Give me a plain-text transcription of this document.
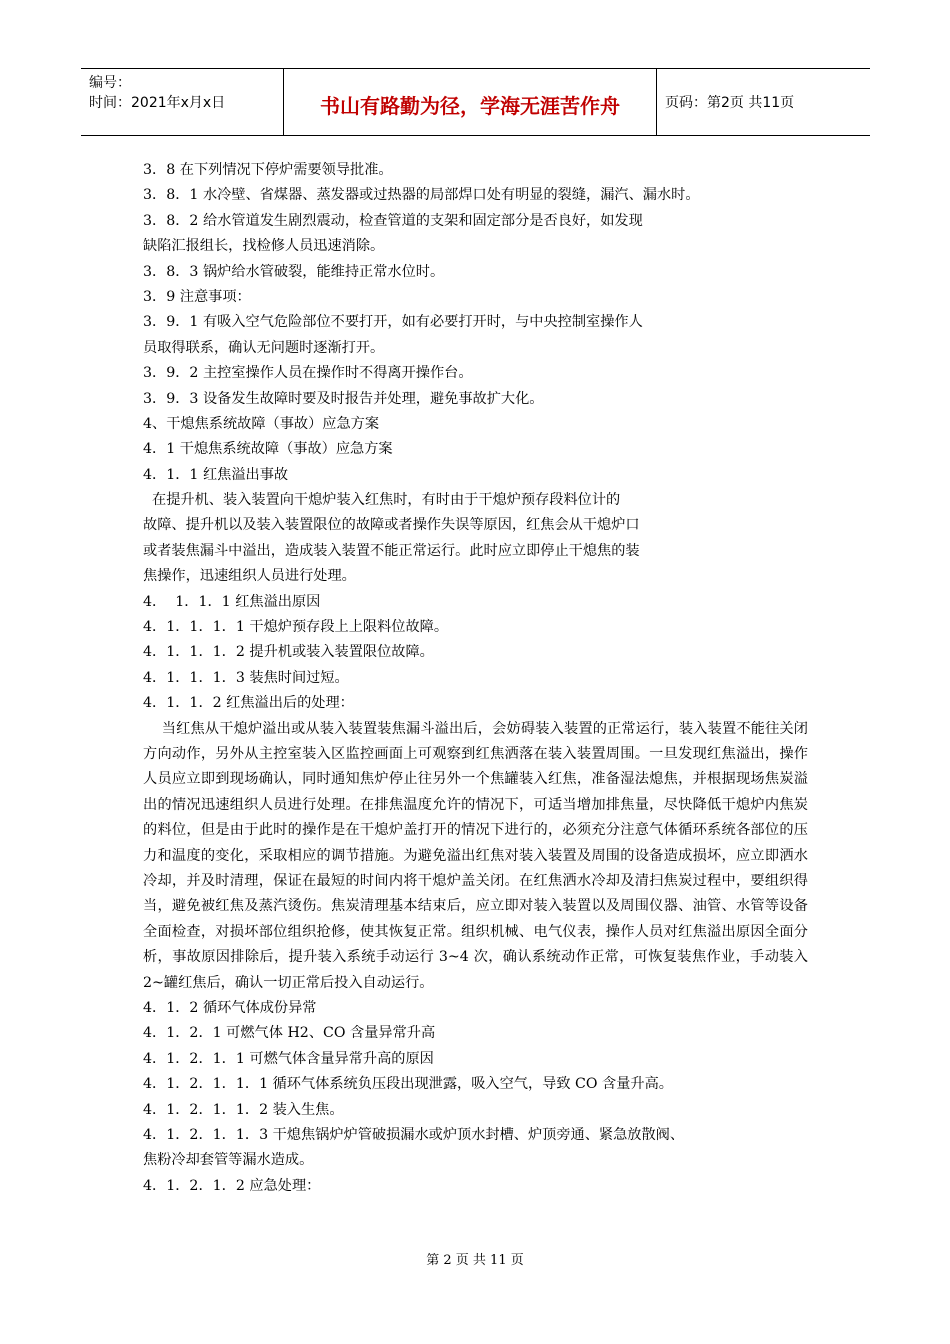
编号：
时间：2021年x月x日	书山有路勤为径，学海无涯苦作舟	页码：第2页 共11页
3．8 在下列情况下停炉需要领导批准。
3．8．1 水冷壁、省煤器、蒸发器或过热器的局部焊口处有明显的裂缝，漏汽、漏水时。
3．8．2 给水管道发生剧烈震动，检查管道的支架和固定部分是否良好，如发现
缺陷汇报组长，找检修人员迅速消除。
3．8．3 锅炉给水管破裂，能维持正常水位时。
3．9 注意事项：
3．9．1 有吸入空气危险部位不要打开，如有必要打开时，与中央控制室操作人
员取得联系，确认无问题时逐渐打开。
3．9．2 主控室操作人员在操作时不得离开操作台。
3．9．3 设备发生故障时要及时报告并处理，避免事故扩大化。
4、干熄焦系统故障（事故）应急方案
4．1 干熄焦系统故障（事故）应急方案
4．1．1 红焦溢出事故
在提升机、装入装置向干熄炉装入红焦时，有时由于干熄炉预存段料位计的
故障、提升机以及装入装置限位的故障或者操作失误等原因，红焦会从干熄炉口
或者装焦漏斗中溢出，造成装入装置不能正常运行。此时应立即停止干熄焦的装
焦操作，迅速组织人员进行处理。
4．  1．1．1 红焦溢出原因
4．1．1．1．1 干熄炉预存段上上限料位故障。
4．1．1．1．2 提升机或装入装置限位故障。
4．1．1．1．3 装焦时间过短。
4．1．1．2 红焦溢出后的处理：
当红焦从干熄炉溢出或从装入装置装焦漏斗溢出后，会妨碍装入装置的正常运行，装入装置不能往关闭方向动作，另外从主控室装入区监控画面上可观察到红焦洒落在装入装置周围。一旦发现红焦溢出，操作人员应立即到现场确认，同时通知焦炉停止往另外一个焦罐装入红焦，准备湿法熄焦，并根据现场焦炭溢出的情况迅速组织人员进行处理。在排焦温度允许的情况下，可适当增加排焦量，尽快降低干熄炉内焦炭的料位，但是由于此时的操作是在干熄炉盖打开的情况下进行的，必须充分注意气体循环系统各部位的压力和温度的变化，采取相应的调节措施。为避免溢出红焦对装入装置及周围的设备造成损坏，应立即洒水冷却，并及时清理，保证在最短的时间内将干熄炉盖关闭。在红焦洒水冷却及清扫焦炭过程中，要组织得当，避免被红焦及蒸汽烫伤。焦炭清理基本结束后，应立即对装入装置以及周围仪器、油管、水管等设备全面检查，对损坏部位组织抢修，使其恢复正常。组织机械、电气仪表，操作人员对红焦溢出原因全面分析，事故原因排除后，提升装入系统手动运行 3~4 次，确认系统动作正常，可恢复装焦作业，手动装入 2~罐红焦后，确认一切正常后投入自动运行。
4．1．2 循环气体成份异常
4．1．2．1 可燃气体 H2、CO 含量异常升高
4．1．2．1．1 可燃气体含量异常升高的原因
4．1．2．1．1．1 循环气体系统负压段出现泄露，吸入空气，导致 CO 含量升高。
4．1．2．1．1．2 装入生焦。
4．1．2．1．1．3 干熄焦锅炉炉管破损漏水或炉顶水封槽、炉顶旁通、紧急放散阀、
焦粉冷却套管等漏水造成。
4．1．2．1．2 应急处理：
第 2 页 共 11 页
